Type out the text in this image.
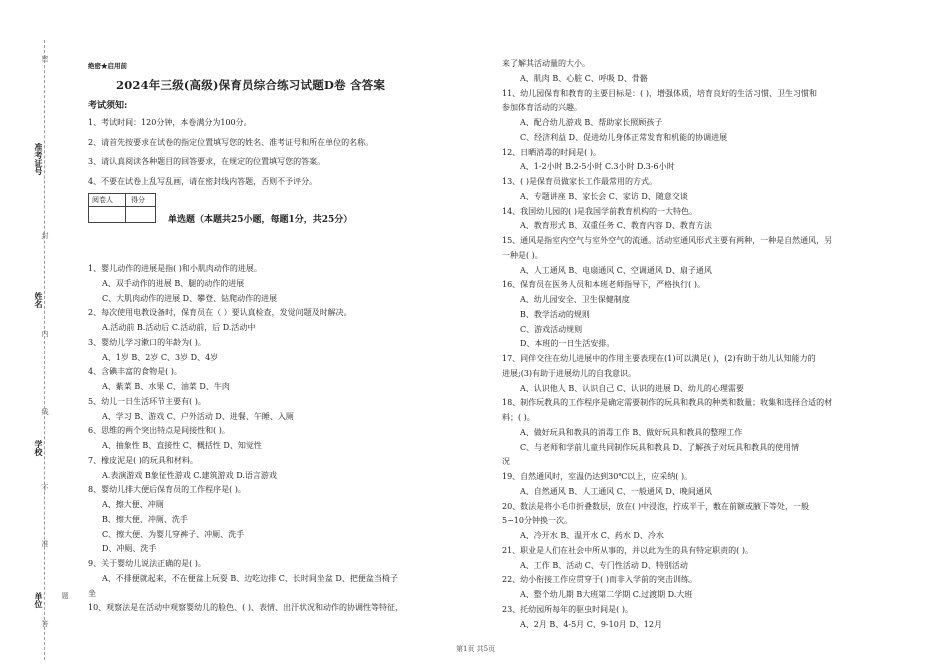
密
准考证号
封
姓名
内
线
学校
不
准
题
单位
答
绝密★启用前
2024年三级(高级)保育员综合练习试题D卷 含答案
考试须知:
1、考试时间：120分钟，本卷满分为100分。
2、请首先按要求在试卷的指定位置填写您的姓名、准考证号和所在单位的名称。
3、请认真阅读各种题目的回答要求，在规定的位置填写您的答案。
4、不要在试卷上乱写乱画，请在密封线内答题，否则不予评分。
阅卷人	得分
单选题（本题共25小题，每题1分，共25分）
1、婴儿动作的进展是指( )和小肌肉动作的进展。
A、双手动作的进展 B、腿的动作的进展
C、大肌肉动作的进展 D、攀登、钻爬动作的进展
2、每次使用电教设备时，保育员在（ ）要认真检查，发觉问题及时解决。
A.活动前 B.活动后 C.活动前，后 D.活动中
3、婴幼儿学习漱口的年龄为( )。
A、1岁 B、2岁 C、3岁 D、4岁
4、含碘丰富的食物是( )。
A、紫菜 B、水果 C、油菜 D、牛肉
5、幼儿一日生活环节主要有( )。
A、学习 B、游戏 C、户外活动 D、进餐、午睡、入厕
6、思维的两个突出特点是间接性和( )。
A、抽象性 B、直接性 C、概括性 D、知觉性
7、橡皮泥是( )的玩具和材料。
A.表演游戏 B象征性游戏 C.建筑游戏 D.语言游戏
8、婴幼儿排大便后保育员的工作程序是( )。
A、擦大便、冲厕
B、擦大便、冲厕、洗手
C、擦大便、为婴儿穿裤子、冲厕、洗手
D、冲厕、洗手
9、关于婴幼儿说法正确的是( )。
A、不排便就起来，不在便盆上玩耍 B、边吃边排 C、长时间坐盆 D、把便盆当椅子
坐
10、观察法是在活动中观察婴幼儿的脸色、( )、表情、出汗状况和动作的协调性等特征，
来了解其活动量的大小。
A、肌肉 B、心脏 C、呼吸 D、骨骼
11、幼儿园保育和教育的主要目标是：( )，增强体质，培育良好的生活习惯、卫生习惯和
参加体育活动的兴趣。
A、配合幼儿游戏 B、帮助家长照顾孩子
C、经济利益 D、促进幼儿身体正常发育和机能的协调进展
12、日晒消毒的时间是( )。
A、1-2小时 B.2-5小时 C.3小时 D.3-6小时
13、( )是保育员做家长工作最常用的方式。
A、专题讲座 B、家长会 C、家访 D、随意交谈
14、我国幼儿园的( )是我国学前教育机构的一大特色。
A、教育形式 B、双重任务 C、教育内容 D、教育方法
15、通风是指室内空气与室外空气的流通。活动室通风形式主要有两种，一种是自然通风，另
一种是( )。
A、人工通风 B、电扇通风 C、空调通风 D、扇子通风
16、保育员在医务人员和本班老师指导下，严格执行( )。
A、幼儿园安全、卫生保健制度
B、教学活动的规则
C、游戏活动规则
D、本班的一日生活安排。
17、同伴交往在幼儿进展中的作用主要表现在(1)可以满足( )，(2)有助于幼儿认知能力的
进展;(3)有助于进展幼儿的自我意识。
A、认识他人 B、认识自己 C、认识的进展 D、幼儿的心理需要
18、制作玩教具的工作程序是确定需要制作的玩具和教具的种类和数量；收集和选择合适的材
料；( )。
A、做好玩具和教具的消毒工作 B、做好玩具和教具的整理工作
C、与老师和学前儿童共同制作玩具和教具 D、了解孩子对玩具和教具的使用情
况
19、自然通风时，室温仍达到30℃以上，应采纳( )。
A、自然通风 B、人工通风 C、一般通风 D、晚间通风
20、数法是将小毛巾折叠数层，放在( )中浸泡，拧成半干，敷在前额或腋下等处，一般
5~10分钟换一次。
A、冷开水 B、温开水 C、药水 D、冷水
21、职业是人们在社会中所从事的，并以此为生的具有特定职责的( )。
A、工作 B、活动 C、专门性活动 D、特别活动
22、幼小衔接工作应贯穿于( )而非入学前的突击训练。
A、整个幼儿期 B大班第二学期 C.过渡期 D.大班
23、托幼园所每年的驱虫时间是( )。
A、2月 B、4-5月 C、9-10月 D、12月
第1页 共5页
